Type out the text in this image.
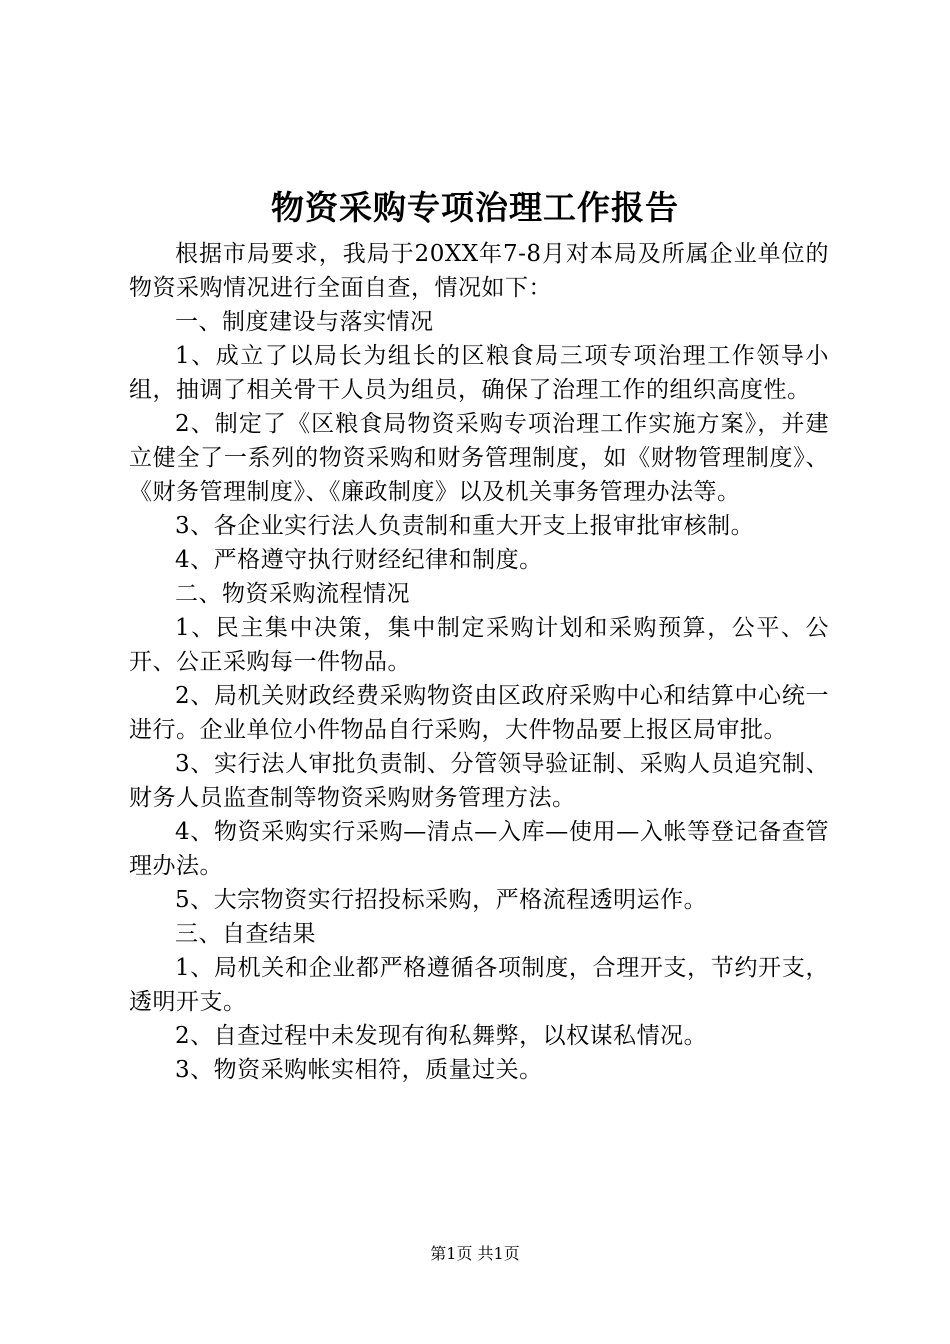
物资采购专项治理工作报告

根据市局要求，我局于20XX年7-8月对本局及所属企业单位的物资采购情况进行全面自查，情况如下：

一、制度建设与落实情况

1、成立了以局长为组长的区粮食局三项专项治理工作领导小组，抽调了相关骨干人员为组员，确保了治理工作的组织高度性。

2、制定了《区粮食局物资采购专项治理工作实施方案》，并建立健全了一系列的物资采购和财务管理制度，如《财物管理制度》、《财务管理制度》、《廉政制度》以及机关事务管理办法等。

3、各企业实行法人负责制和重大开支上报审批审核制。

4、严格遵守执行财经纪律和制度。

二、物资采购流程情况

1、民主集中决策，集中制定采购计划和采购预算，公平、公开、公正采购每一件物品。

2、局机关财政经费采购物资由区政府采购中心和结算中心统一进行。企业单位小件物品自行采购，大件物品要上报区局审批。

3、实行法人审批负责制、分管领导验证制、采购人员追究制、财务人员监查制等物资采购财务管理方法。

4、物资采购实行采购—清点—入库—使用—入帐等登记备查管理办法。

5、大宗物资实行招投标采购，严格流程透明运作。

三、自查结果

1、局机关和企业都严格遵循各项制度，合理开支，节约开支，透明开支。

2、自查过程中未发现有徇私舞弊，以权谋私情况。

3、物资采购帐实相符，质量过关。

第1页 共1页
